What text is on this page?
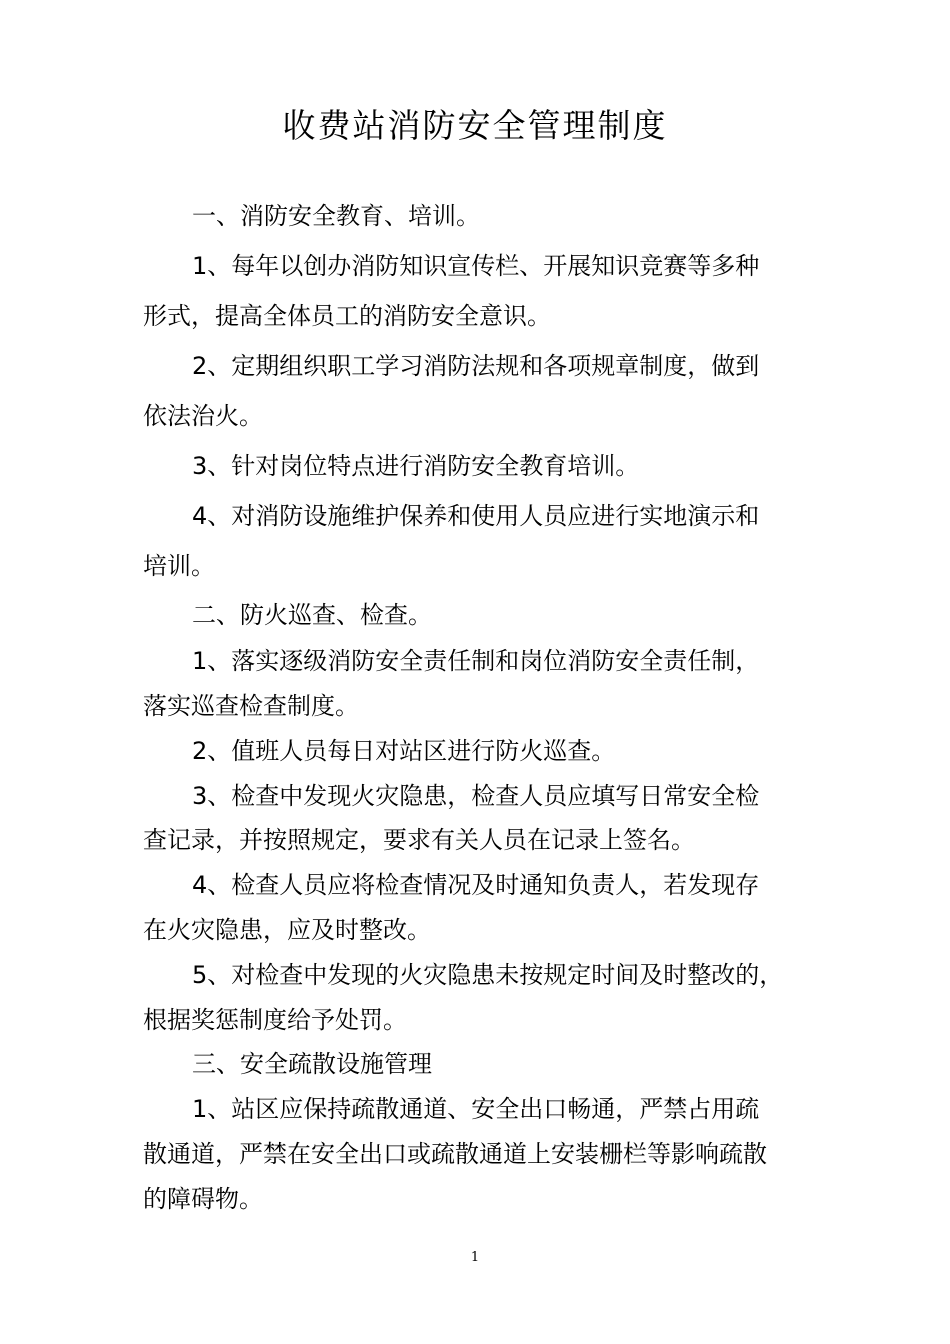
收费站消防安全管理制度
一、消防安全教育、培训。
1、每年以创办消防知识宣传栏、开展知识竞赛等多种
形式，提高全体员工的消防安全意识。
2、定期组织职工学习消防法规和各项规章制度，做到
依法治火。
3、针对岗位特点进行消防安全教育培训。
4、对消防设施维护保养和使用人员应进行实地演示和
培训。
二、防火巡查、检查。
1、落实逐级消防安全责任制和岗位消防安全责任制，
落实巡查检查制度。
2、值班人员每日对站区进行防火巡查。
3、检查中发现火灾隐患，检查人员应填写日常安全检
查记录，并按照规定，要求有关人员在记录上签名。
4、检查人员应将检查情况及时通知负责人，若发现存
在火灾隐患，应及时整改。
5、对检查中发现的火灾隐患未按规定时间及时整改的，
根据奖惩制度给予处罚。
三、安全疏散设施管理
1、站区应保持疏散通道、安全出口畅通，严禁占用疏
散通道，严禁在安全出口或疏散通道上安装栅栏等影响疏散
的障碍物。
1
